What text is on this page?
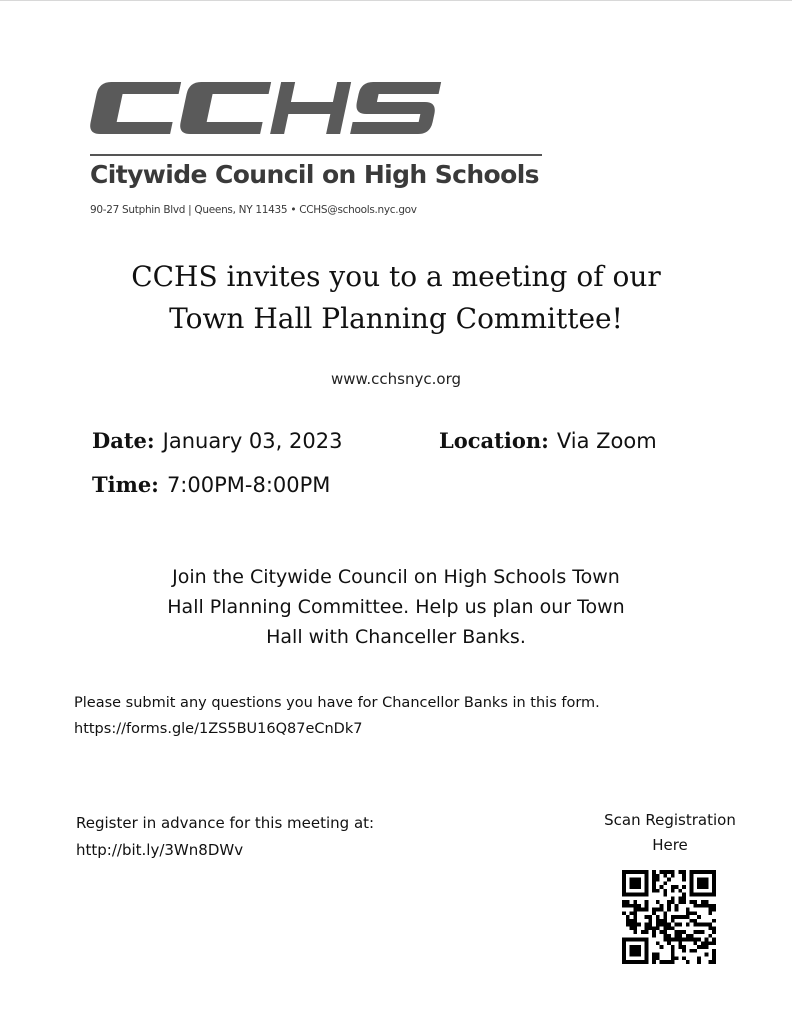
Citywide Council on High Schools
90-27 Sutphin Blvd | Queens, NY 11435 • CCHS@schools.nyc.gov
CCHS invites you to a meeting of our
Town Hall Planning Committee!
www.cchsnyc.org
Date: January 03, 2023	Location: Via Zoom
Time: 7:00PM-8:00PM
Join the Citywide Council on High Schools Town
Hall Planning Committee. Help us plan our Town
Hall with Chanceller Banks.
Please submit any questions you have for Chancellor Banks in this form.
https://forms.gle/1ZS5BU16Q87eCnDk7
Register in advance for this meeting at:
http://bit.ly/3Wn8DWv
Scan Registration
Here
